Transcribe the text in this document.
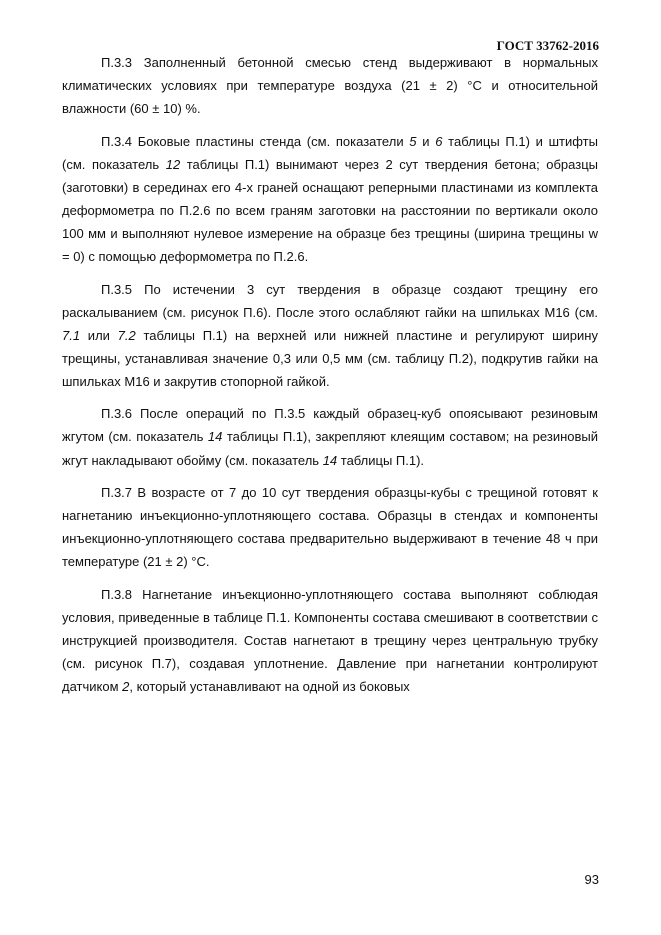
ГОСТ 33762-2016

П.3.3 Заполненный бетонной смесью стенд выдерживают в нормальных климатических условиях при температуре воздуха (21 ± 2) °С и относительной влажности (60 ± 10) %.

П.3.4 Боковые пластины стенда (см. показатели 5 и 6 таблицы П.1) и штифты (см. показатель 12 таблицы П.1) вынимают через 2 сут твердения бетона; образцы (заготовки) в серединах его 4-х граней оснащают реперными пластинами из комплекта деформометра по П.2.6 по всем граням заготовки на расстоянии по вертикали около 100 мм и выполняют нулевое измерение на образце без трещины (ширина трещины w = 0) с помощью деформометра по П.2.6.

П.3.5 По истечении 3 сут твердения в образце создают трещину его раскалыванием (см. рисунок П.6). После этого ослабляют гайки на шпильках М16 (см. 7.1 или 7.2 таблицы П.1) на верхней или нижней пластине и регулируют ширину трещины, устанавливая значение 0,3 или 0,5 мм (см. таблицу П.2), подкрутив гайки на шпильках М16 и закрутив стопорной гайкой.

П.3.6 После операций по П.3.5 каждый образец-куб опоясывают резиновым жгутом (см. показатель 14 таблицы П.1), закрепляют клеящим составом; на резиновый жгут накладывают обойму (см. показатель 14 таблицы П.1).

П.3.7 В возрасте от 7 до 10 сут твердения образцы-кубы с трещиной готовят к нагнетанию инъекционно-уплотняющего состава. Образцы в стендах и компоненты инъекционно-уплотняющего состава предварительно выдерживают в течение 48 ч при температуре (21 ± 2) °С.

П.3.8 Нагнетание инъекционно-уплотняющего состава выполняют соблюдая условия, приведенные в таблице П.1. Компоненты состава смешивают в соответствии с инструкцией производителя. Состав нагнетают в трещину через центральную трубку (см. рисунок П.7), создавая уплотнение. Давление при нагнетании контролируют датчиком 2, который устанавливают на одной из боковых

93
